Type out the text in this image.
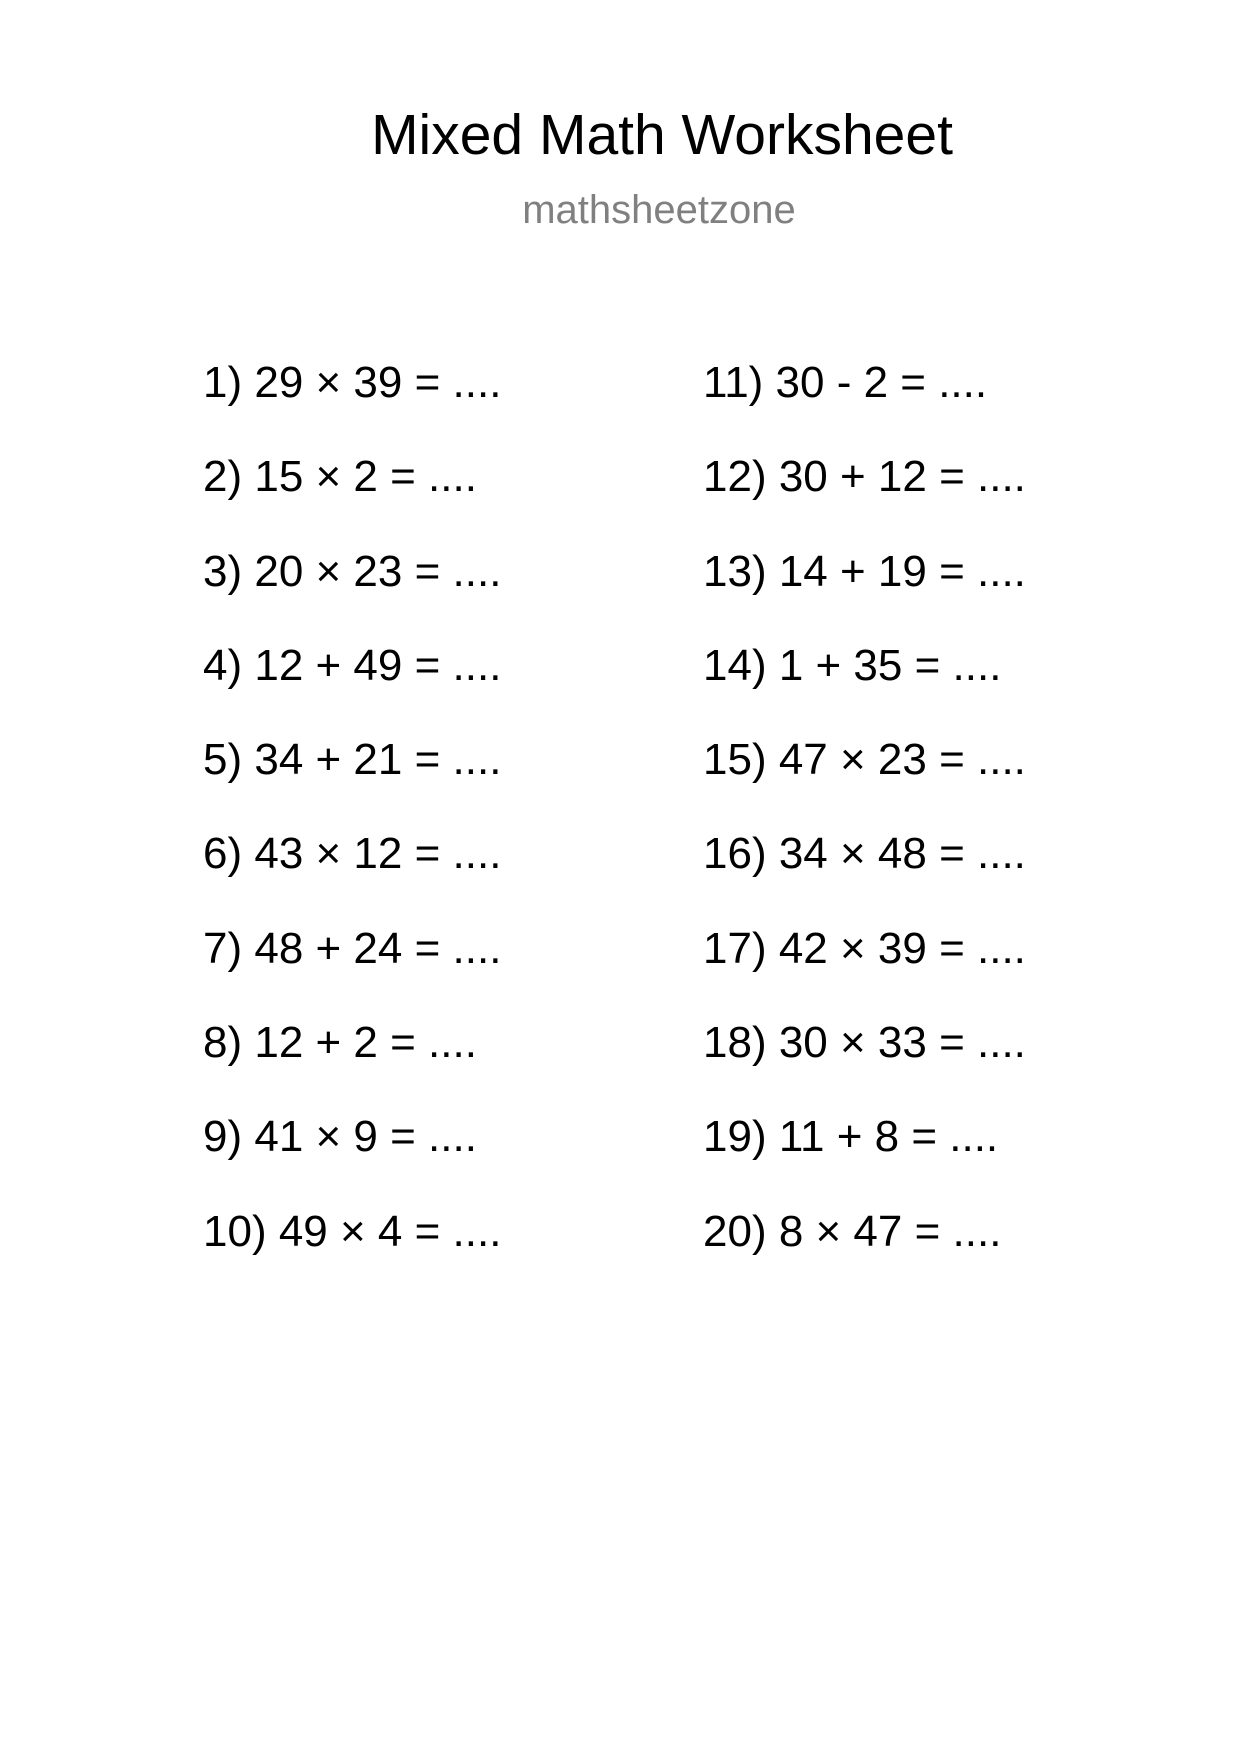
Mixed Math Worksheet
mathsheetzone
1) 29 × 39 = ....
2) 15 × 2 = ....
3) 20 × 23 = ....
4) 12 + 49 = ....
5) 34 + 21 = ....
6) 43 × 12 = ....
7) 48 + 24 = ....
8) 12 + 2 = ....
9) 41 × 9 = ....
10) 49 × 4 = ....
11) 30 - 2 = ....
12) 30 + 12 = ....
13) 14 + 19 = ....
14) 1 + 35 = ....
15) 47 × 23 = ....
16) 34 × 48 = ....
17) 42 × 39 = ....
18) 30 × 33 = ....
19) 11 + 8 = ....
20) 8 × 47 = ....
